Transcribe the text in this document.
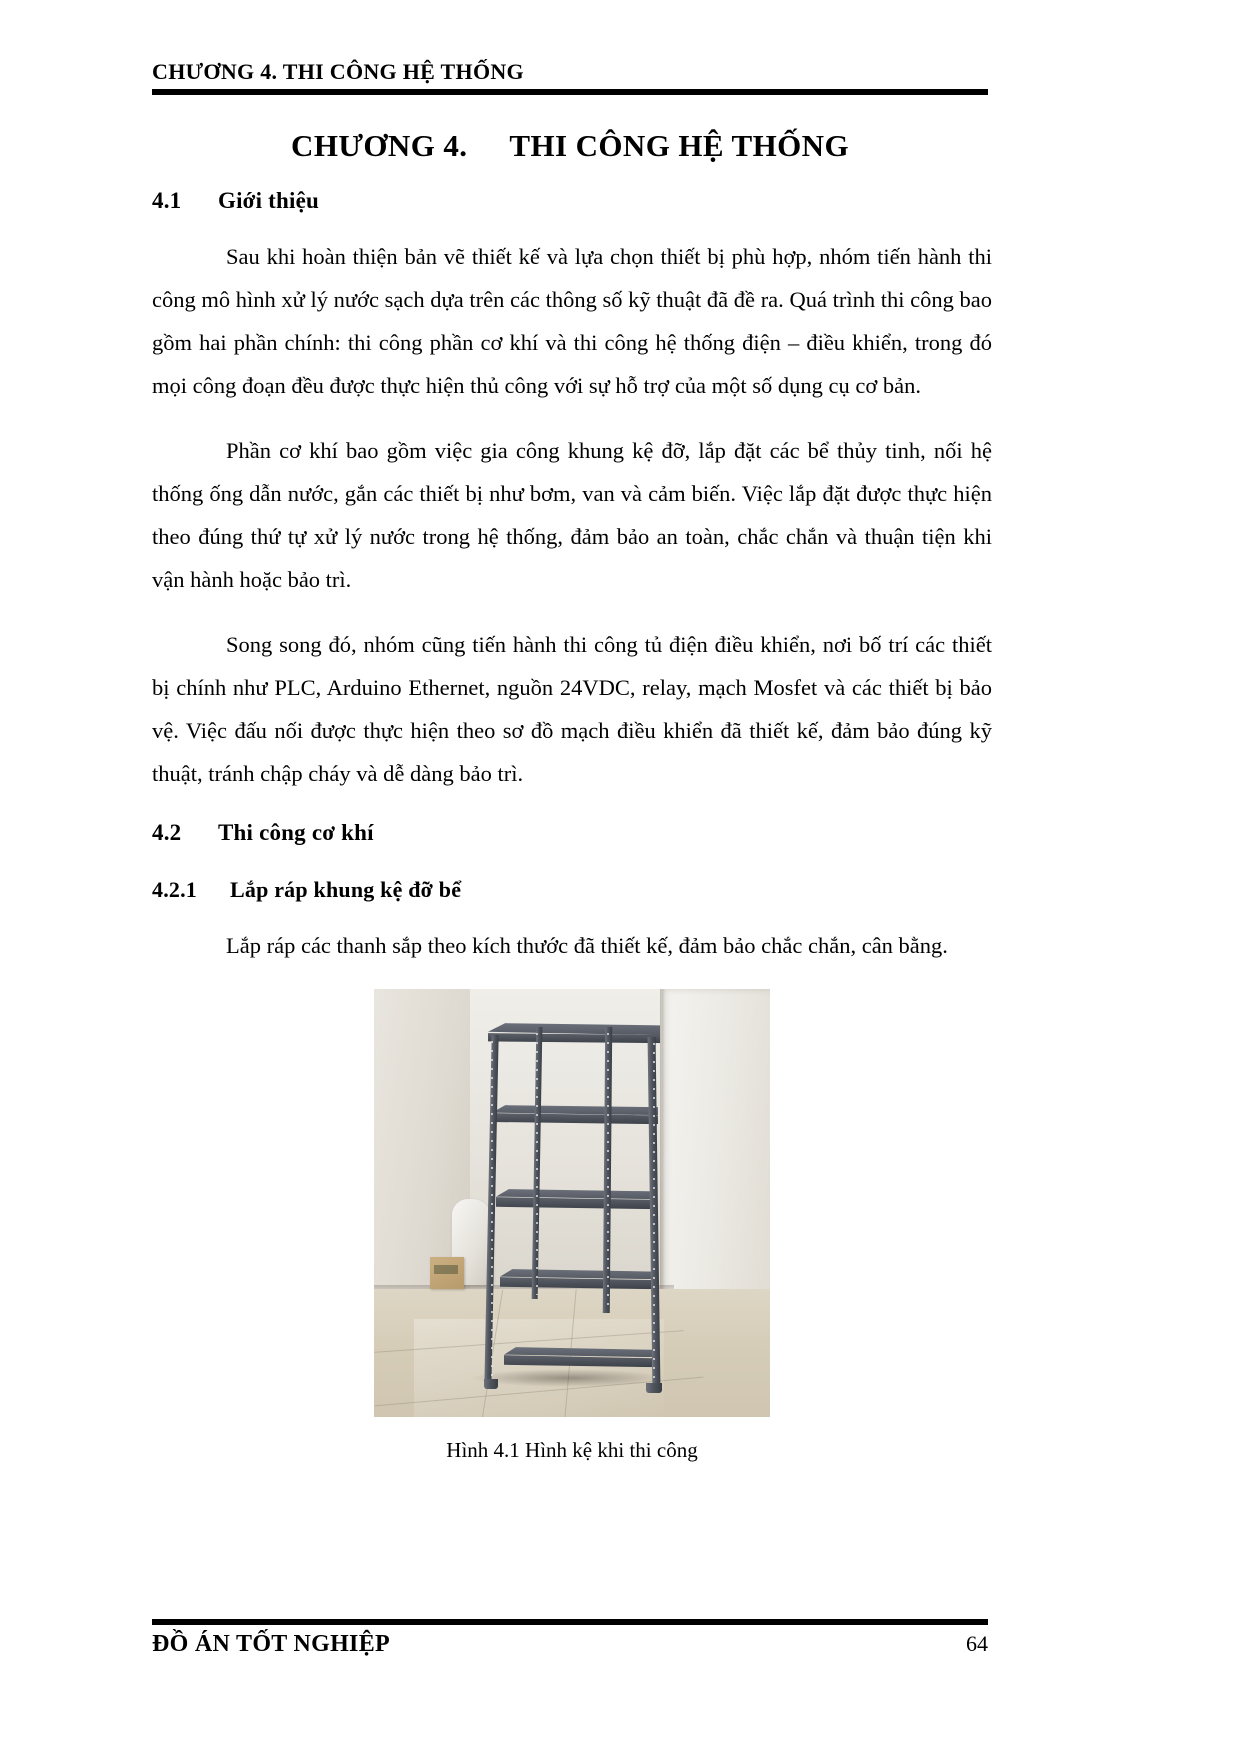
CHƯƠNG 4. THI CÔNG HỆ THỐNG
CHƯƠNG 4. THI CÔNG HỆ THỐNG
4.1 Giới thiệu

Sau khi hoàn thiện bản vẽ thiết kế và lựa chọn thiết bị phù hợp, nhóm tiến hành thi công mô hình xử lý nước sạch dựa trên các thông số kỹ thuật đã đề ra. Quá trình thi công bao gồm hai phần chính: thi công phần cơ khí và thi công hệ thống điện – điều khiển, trong đó mọi công đoạn đều được thực hiện thủ công với sự hỗ trợ của một số dụng cụ cơ bản.

Phần cơ khí bao gồm việc gia công khung kệ đỡ, lắp đặt các bể thủy tinh, nối hệ thống ống dẫn nước, gắn các thiết bị như bơm, van và cảm biến. Việc lắp đặt được thực hiện theo đúng thứ tự xử lý nước trong hệ thống, đảm bảo an toàn, chắc chắn và thuận tiện khi vận hành hoặc bảo trì.

Song song đó, nhóm cũng tiến hành thi công tủ điện điều khiển, nơi bố trí các thiết bị chính như PLC, Arduino Ethernet, nguồn 24VDC, relay, mạch Mosfet và các thiết bị bảo vệ. Việc đấu nối được thực hiện theo sơ đồ mạch điều khiển đã thiết kế, đảm bảo đúng kỹ thuật, tránh chập cháy và dễ dàng bảo trì.

4.2 Thi công cơ khí
4.2.1 Lắp ráp khung kệ đỡ bể

Lắp ráp các thanh sắp theo kích thước đã thiết kế, đảm bảo chắc chắn, cân bằng.

Hình 4.1 Hình kệ khi thi công
ĐỒ ÁN TỐT NGHIỆP	64
